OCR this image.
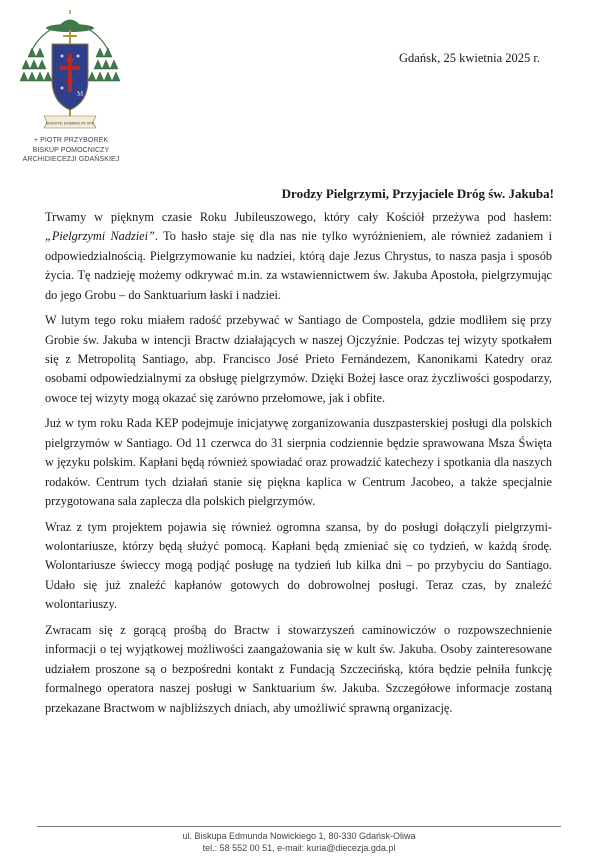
M
SERVITE DOMINO IN SPE
+ PIOTR PRZYBOREK
BISKUP POMOCNICZY
ARCHIDIECEZJI GDAŃSKIEJ
Gdańsk, 25 kwietnia 2025 r.
Drodzy Pielgrzymi, Przyjaciele Dróg św. Jakuba!

Trwamy w pięknym czasie Roku Jubileuszowego, który cały Kościół przeżywa pod hasłem: „Pielgrzymi Nadziei”. To hasło staje się dla nas nie tylko wyróżnieniem, ale również zadaniem i odpowiedzialnością. Pielgrzymowanie ku nadziei, którą daje Jezus Chrystus, to nasza pasja i sposób życia. Tę nadzieję możemy odkrywać m.in. za wstawiennictwem św. Jakuba Apostoła, pielgrzymując do jego Grobu – do Sanktuarium łaski i nadziei.

W lutym tego roku miałem radość przebywać w Santiago de Compostela, gdzie modliłem się przy Grobie św. Jakuba w intencji Bractw działających w naszej Ojczyźnie. Podczas tej wizyty spotkałem się z Metropolitą Santiago, abp. Francisco José Prieto Fernándezem, Kanonikami Katedry oraz osobami odpowiedzialnymi za obsługę pielgrzymów. Dzięki Bożej łasce oraz życzliwości gospodarzy, owoce tej wizyty mogą okazać się zarówno przełomowe, jak i obfite.

Już w tym roku Rada KEP podejmuje inicjatywę zorganizowania duszpasterskiej posługi dla polskich pielgrzymów w Santiago. Od 11 czerwca do 31 sierpnia codziennie będzie sprawowana Msza Święta w języku polskim. Kapłani będą również spowiadać oraz prowadzić katechezy i spotkania dla naszych rodaków. Centrum tych działań stanie się piękna kaplica w Centrum Jacobeo, a także specjalnie przygotowana sala zaplecza dla polskich pielgrzymów.

Wraz z tym projektem pojawia się również ogromna szansa, by do posługi dołączyli pielgrzymi-wolontariusze, którzy będą służyć pomocą. Kapłani będą zmieniać się co tydzień, w każdą środę. Wolontariusze świeccy mogą podjąć posługę na tydzień lub kilka dni – po przybyciu do Santiago. Udało się już znaleźć kapłanów gotowych do dobrowolnej posługi. Teraz czas, by znaleźć wolontariuszy.

Zwracam się z gorącą prośbą do Bractw i stowarzyszeń caminowiczów o rozpowszechnienie informacji o tej wyjątkowej możliwości zaangażowania się w kult św. Jakuba. Osoby zainteresowane udziałem proszone są o bezpośredni kontakt z Fundacją Szczecińską, która będzie pełniła funkcję formalnego operatora naszej posługi w Sanktuarium św. Jakuba. Szczegółowe informacje zostaną przekazane Bractwom w najbliższych dniach, aby umożliwić sprawną organizację.

ul. Biskupa Edmunda Nowickiego 1, 80-330 Gdańsk-Oliwa
tel.: 58 552 00 51, e-mail: kuria@diecezja.gda.pl
